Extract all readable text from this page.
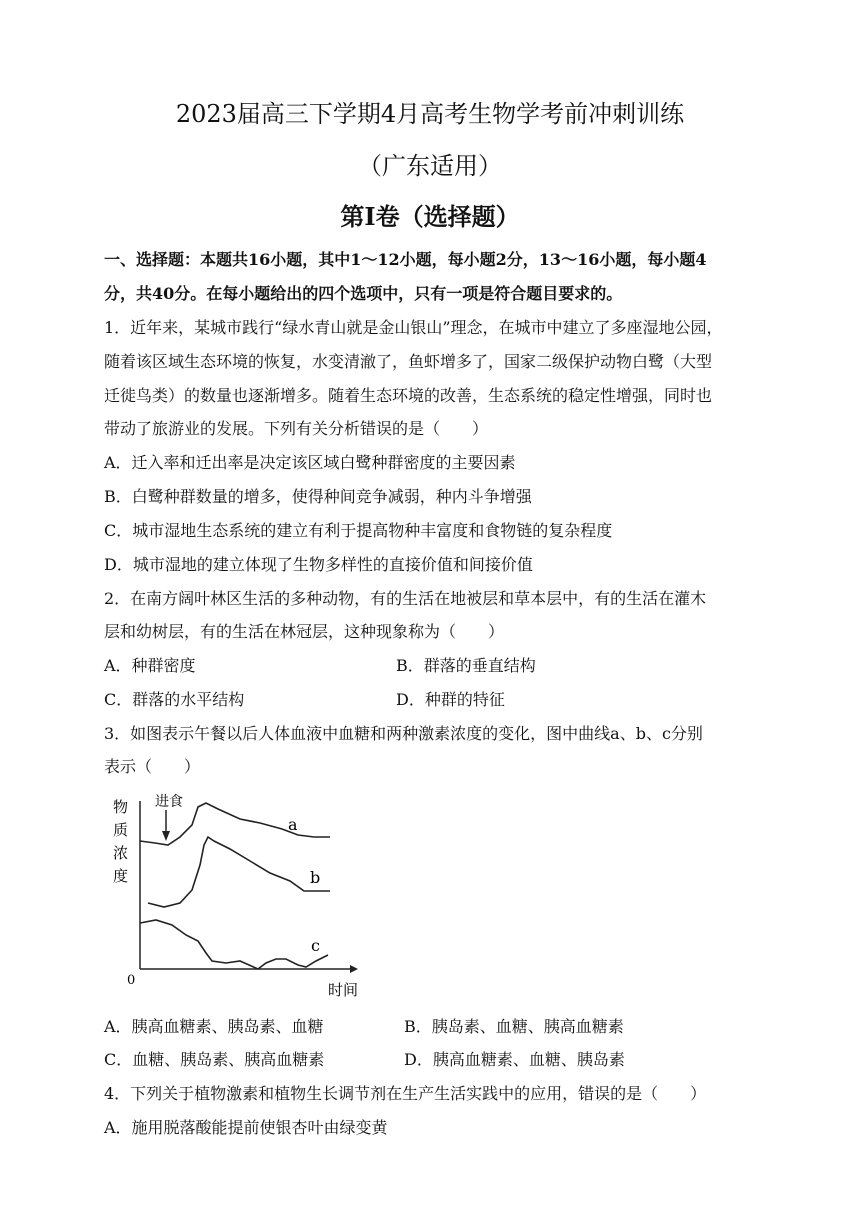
2023届高三下学期4月高考生物学考前冲刺训练
（广东适用）
第Ⅰ卷（选择题）
一、选择题：本题共16小题，其中1～12小题，每小题2分，13～16小题，每小题4
分，共40分。在每小题给出的四个选项中，只有一项是符合题目要求的。
1．近年来，某城市践行“绿水青山就是金山银山”理念，在城市中建立了多座湿地公园，
随着该区域生态环境的恢复，水变清澈了，鱼虾增多了，国家二级保护动物白鹭（大型
迁徙鸟类）的数量也逐渐增多。随着生态环境的改善，生态系统的稳定性增强，同时也
带动了旅游业的发展。下列有关分析错误的是（　　）
A．迁入率和迁出率是决定该区域白鹭种群密度的主要因素
B．白鹭种群数量的增多，使得种间竞争减弱，种内斗争增强
C．城市湿地生态系统的建立有利于提高物种丰富度和食物链的复杂程度
D．城市湿地的建立体现了生物多样性的直接价值和间接价值
2．在南方阔叶林区生活的多种动物，有的生活在地被层和草本层中，有的生活在灌木
层和幼树层，有的生活在林冠层，这种现象称为（　　）
A．种群密度	B．群落的垂直结构
C．群落的水平结构	D．种群的特征
3．如图表示午餐以后人体血液中血糖和两种激素浓度的变化，图中曲线a、b、c分别
表示（　　）
物
质
浓
度
0
时间
进食
a
b
c
A．胰高血糖素、胰岛素、血糖	B．胰岛素、血糖、胰高血糖素
C．血糖、胰岛素、胰高血糖素	D．胰高血糖素、血糖、胰岛素
4．下列关于植物激素和植物生长调节剂在生产生活实践中的应用，错误的是（　　）
A．施用脱落酸能提前使银杏叶由绿变黄
